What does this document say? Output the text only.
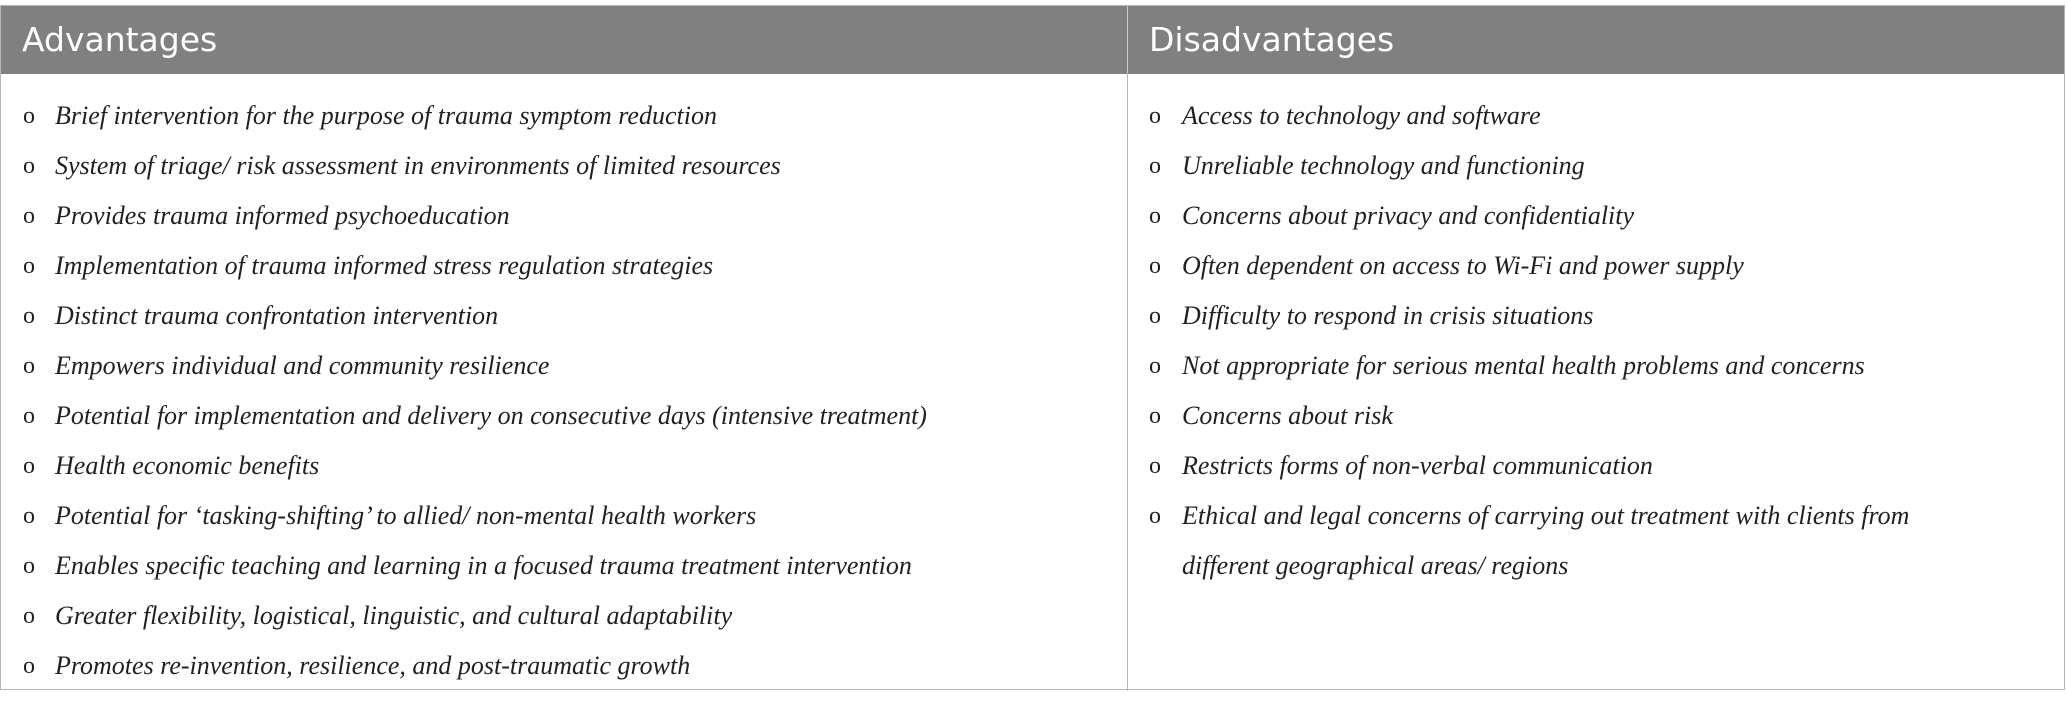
Advantages	Disadvantages
o Brief intervention for the purpose of trauma symptom reduction
o System of triage/ risk assessment in environments of limited resources
o Provides trauma informed psychoeducation
o Implementation of trauma informed stress regulation strategies
o Distinct trauma confrontation intervention
o Empowers individual and community resilience
o Potential for implementation and delivery on consecutive days (intensive treatment)
o Health economic benefits
o Potential for ‘tasking-shifting’ to allied/ non-mental health workers
o Enables specific teaching and learning in a focused trauma treatment intervention
o Greater flexibility, logistical, linguistic, and cultural adaptability
o Promotes re-invention, resilience, and post-traumatic growth
o Access to technology and software
o Unreliable technology and functioning
o Concerns about privacy and confidentiality
o Often dependent on access to Wi-Fi and power supply
o Difficulty to respond in crisis situations
o Not appropriate for serious mental health problems and concerns
o Concerns about risk
o Restricts forms of non-verbal communication
o Ethical and legal concerns of carrying out treatment with clients from
different geographical areas/ regions
